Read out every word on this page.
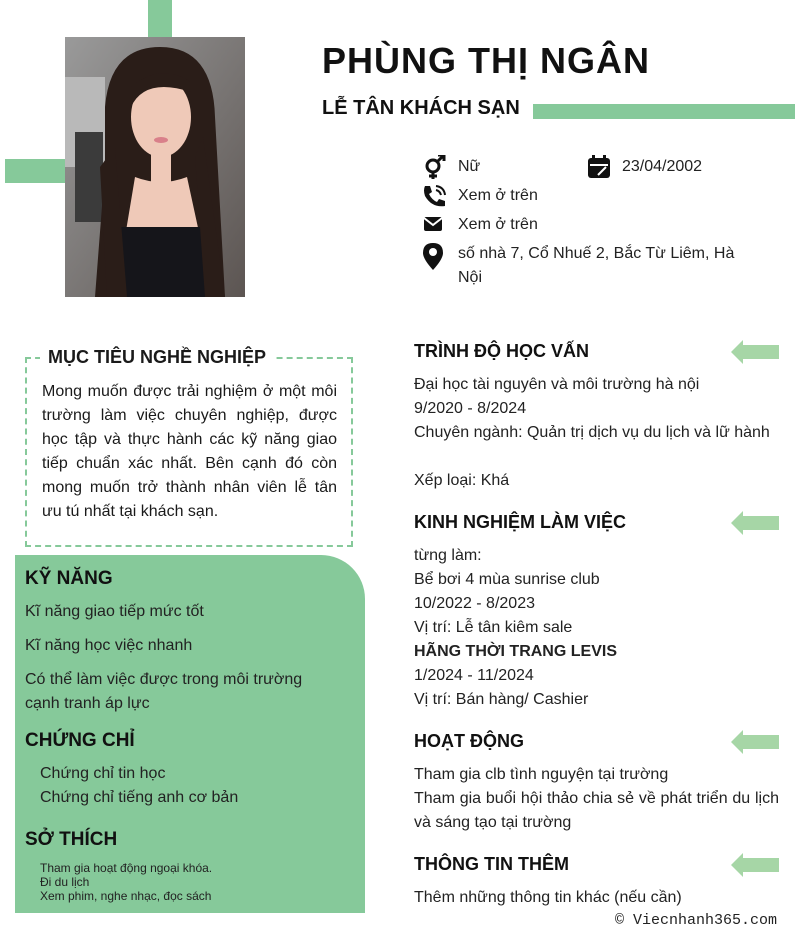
PHÙNG THỊ NGÂN
LỄ TÂN KHÁCH SẠN
Nữ	23/04/2002
Xem ở trên
Xem ở trên
số nhà 7, Cổ Nhuế 2, Bắc Từ Liêm, Hà Nội
MỤC TIÊU NGHỀ NGHIỆP
Mong muốn được trải nghiệm ở một môi trường làm việc chuyên nghiệp, được học tập và thực hành các kỹ năng giao tiếp chuẩn xác nhất. Bên cạnh đó còn mong muốn trở thành nhân viên lễ tân ưu tú nhất tại khách sạn.
KỸ NĂNG
Kĩ năng giao tiếp mức tốt
Kĩ năng học việc nhanh
Có thể làm việc được trong môi trường cạnh tranh áp lực
CHỨNG CHỈ
Chứng chỉ tin học
Chứng chỉ tiếng anh cơ bản
SỞ THÍCH
Tham gia hoạt động ngoại khóa.
Đi du lịch
Xem phim, nghe nhạc, đọc sách
TRÌNH ĐỘ HỌC VẤN
Đại học tài nguyên và môi trường hà nội
9/2020 - 8/2024
Chuyên ngành: Quản trị dịch vụ du lịch và lữ hành
Xếp loại: Khá
KINH NGHIỆM LÀM VIỆC
từng làm:
Bể bơi 4 mùa sunrise club
10/2022 - 8/2023
Vị trí: Lễ tân kiêm sale
HÃNG THỜI TRANG LEVIS
1/2024 - 11/2024
Vị trí: Bán hàng/ Cashier
HOẠT ĐỘNG
Tham gia clb tình nguyện tại trường
Tham gia buổi hội thảo chia sẻ về phát triển du lịch và sáng tạo tại trường
THÔNG TIN THÊM
Thêm những thông tin khác (nếu cần)
© Viecnhanh365.com
